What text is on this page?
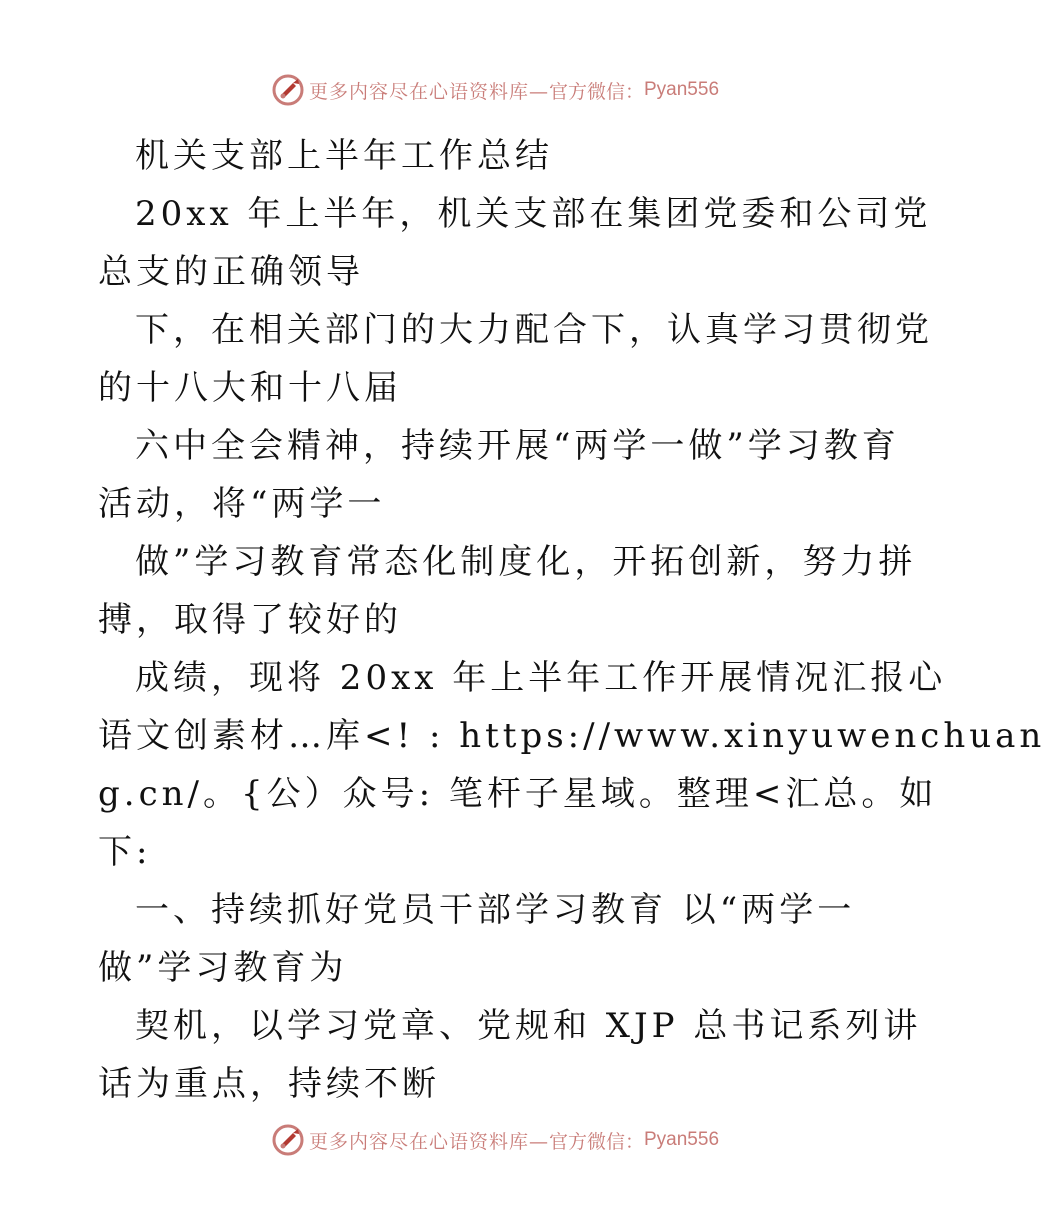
更多内容尽在心语资料库— 官方微信： Pyan556
机关支部上半年工作总结
20xx 年上半年，机关支部在集团党委和公司党
总支的正确领导
下，在相关部门的大力配合下，认真学习贯彻党
的十八大和十八届
六中全会精神，持续开展“两学一做”学习教育
活动，将“两学一
做”学习教育常态化制度化，开拓创新，努力拼
搏，取得了较好的
成绩，现将 20xx 年上半年工作开展情况汇报心
语文创素材…库<! : https://www.xinyuwenchuan
g.cn/。{公）众号: 笔杆子星域。整理<汇总。如
下:
一、持续抓好党员干部学习教育 以“两学一
做”学习教育为
契机，以学习党章、党规和 XJP 总书记系列讲
话为重点，持续不断
更多内容尽在心语资料库— 官方微信： Pyan556
